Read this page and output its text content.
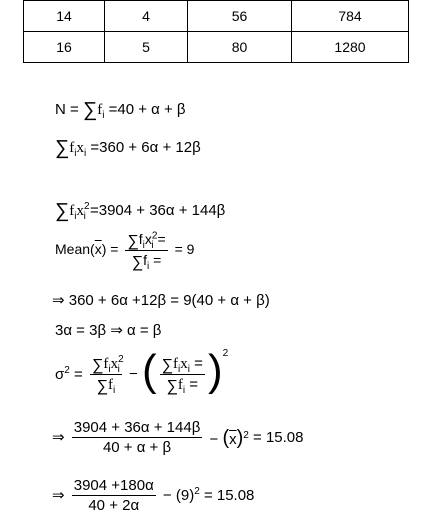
14	4	56	784
16	5	80	1280
$N = \sum f_i =40 + \alpha + \beta$
$\sum f_ix_i =360 + 6\alpha + 12\beta$
$\sum f_ix^2_i =3904 + 36\alpha + 144\beta$
$Mean(\overline{x}) = \frac{\sum f_ix^2_i =}{\sum f_i =} = 9$
⇒ 360 + 6α +12β = 9(40 + α + β)
3α = 3β ⇒ α = β
$\sigma^2 = \frac{\sum f_ix^2_i}{\sum f_i}$ − ( $\frac{\sum f_ix_i =}{\sum f_i =} )^2$
⇒ $\frac{3904 + 36\alpha + 144\beta}{40 + \alpha + \beta} - (\overline{x})^2 = 15.08$
⇒ $\frac{3904 +180\alpha}{40 + 2\alpha} - (9)^2 = 15.08$
